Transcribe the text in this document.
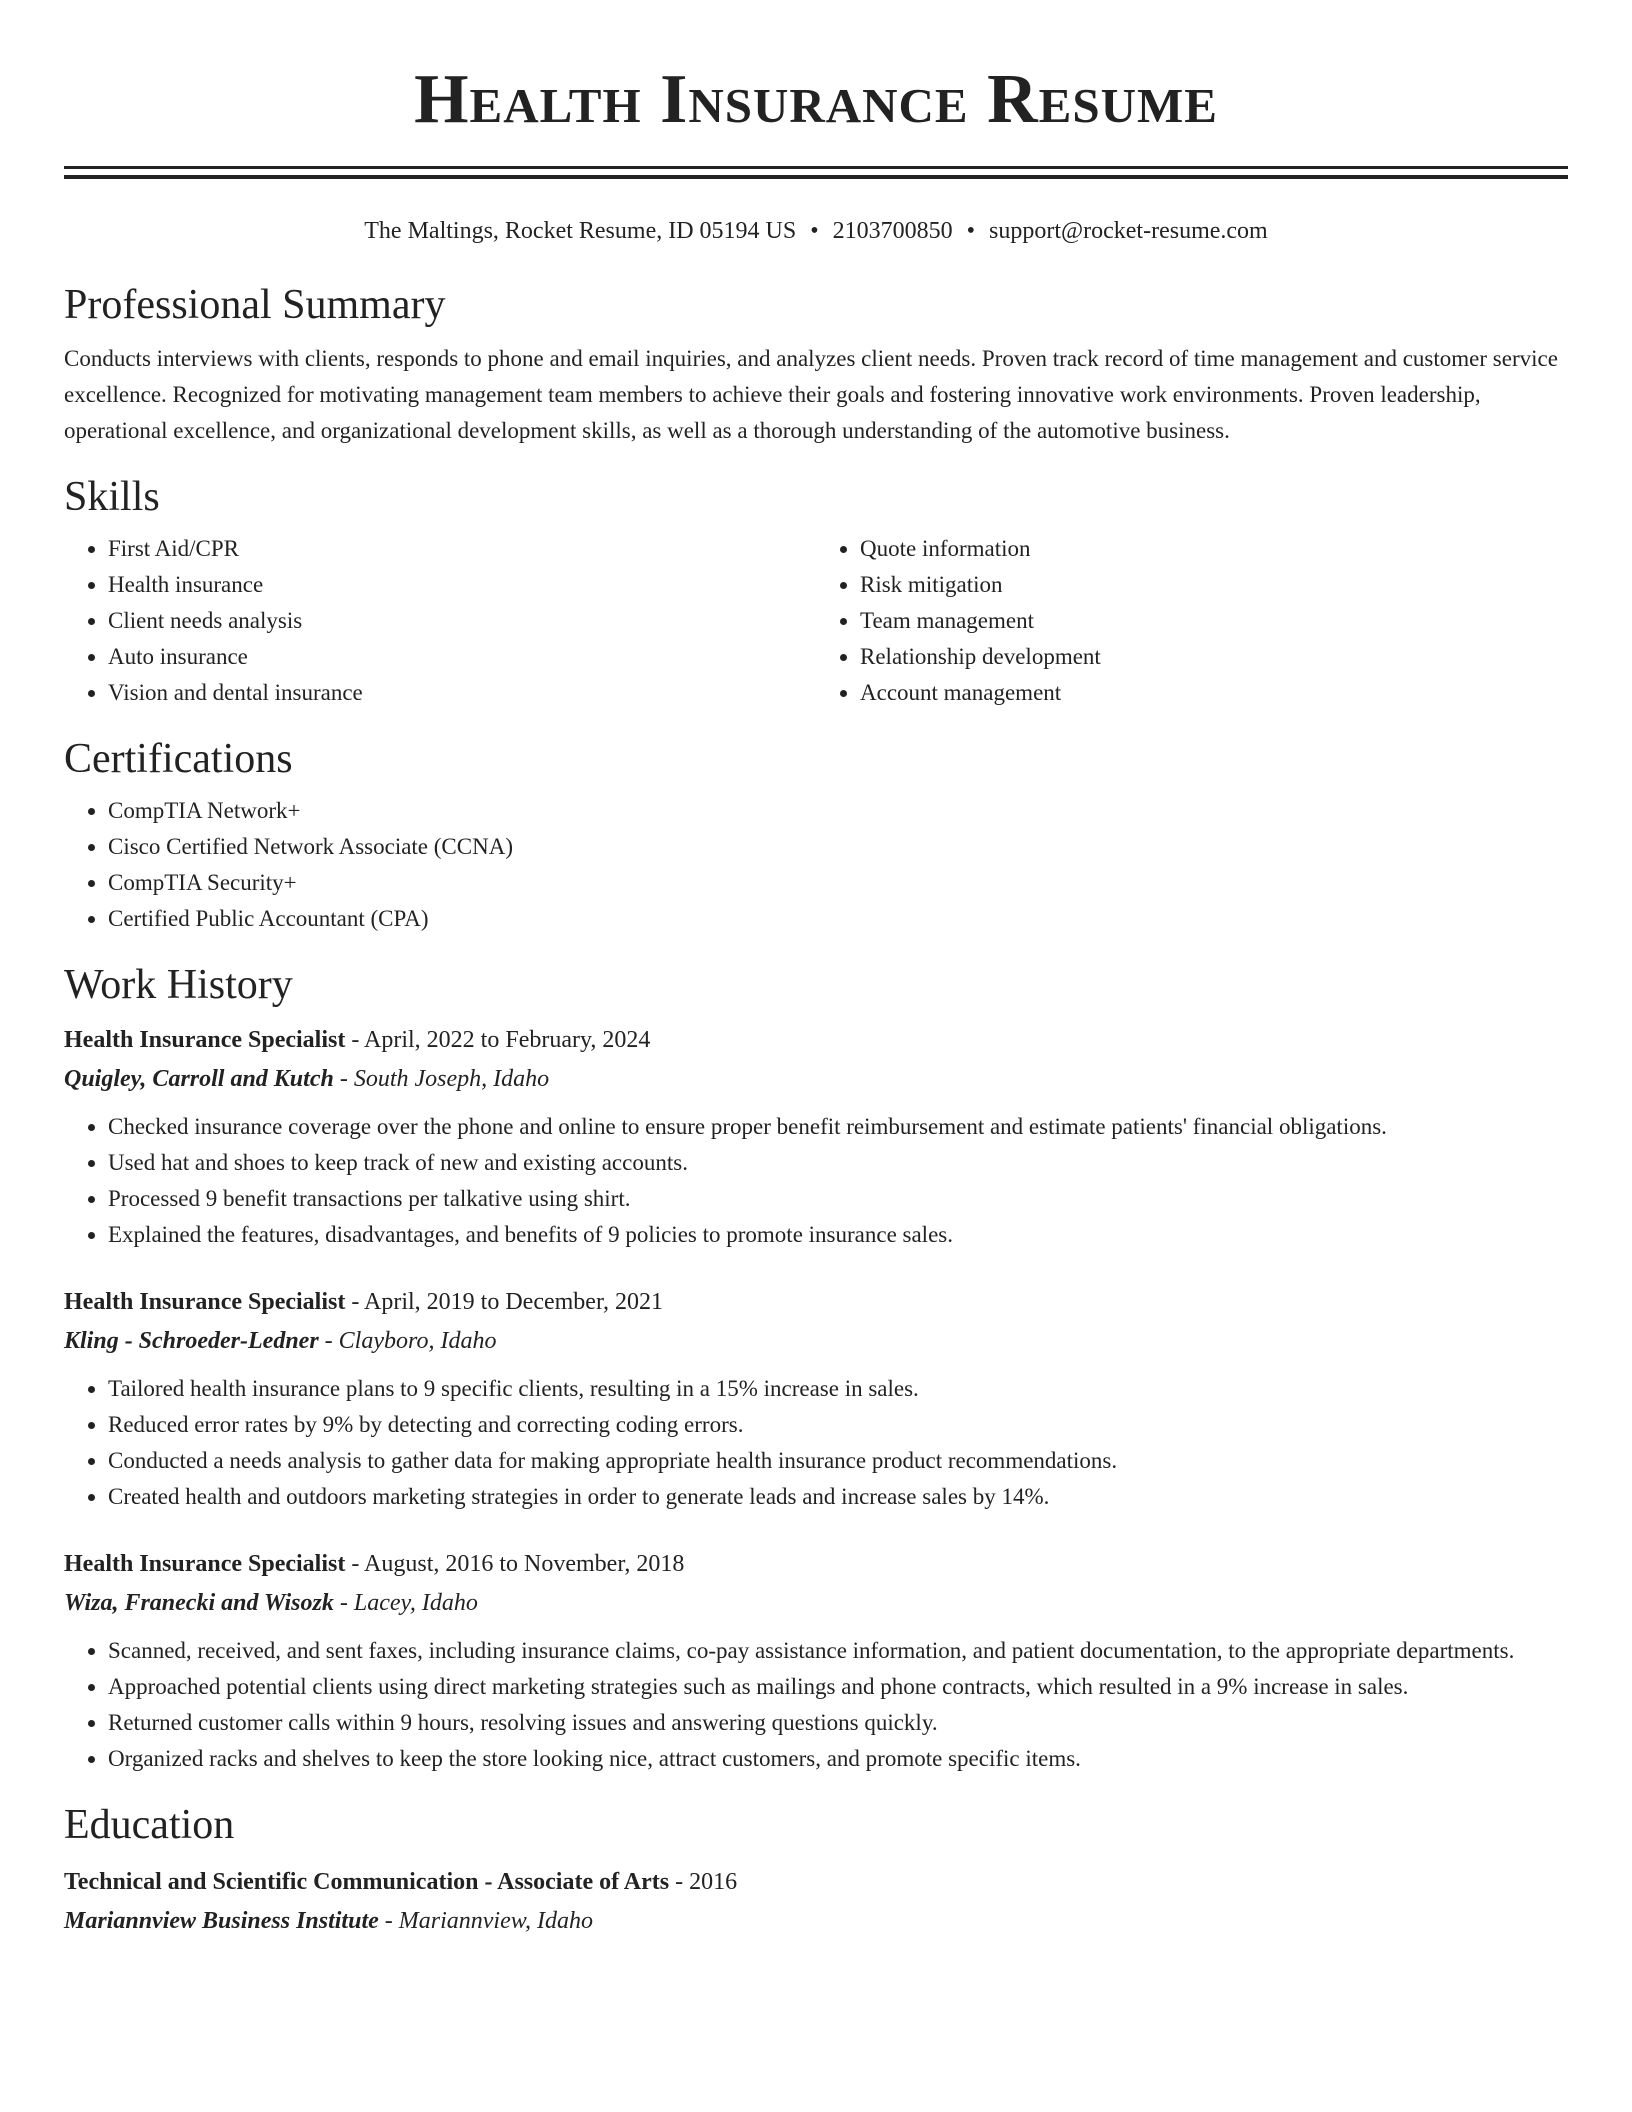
Health Insurance Resume
The Maltings, Rocket Resume, ID 05194 US • 2103700850 • support@rocket-resume.com
Professional Summary

Conducts interviews with clients, responds to phone and email inquiries, and analyzes client needs. Proven track record of time management and customer service excellence. Recognized for motivating management team members to achieve their goals and fostering innovative work environments. Proven leadership, operational excellence, and organizational development skills, as well as a thorough understanding of the automotive business.

Skills
• First Aid/CPR
• Health insurance
• Client needs analysis
• Auto insurance
• Vision and dental insurance
• Quote information
• Risk mitigation
• Team management
• Relationship development
• Account management
Certifications
• CompTIA Network+
• Cisco Certified Network Associate (CCNA)
• CompTIA Security+
• Certified Public Accountant (CPA)
Work History

Health Insurance Specialist - April, 2022 to February, 2024

Quigley, Carroll and Kutch - South Joseph, Idaho

• Checked insurance coverage over the phone and online to ensure proper benefit reimbursement and estimate patients' financial obligations.
• Used hat and shoes to keep track of new and existing accounts.
• Processed 9 benefit transactions per talkative using shirt.
• Explained the features, disadvantages, and benefits of 9 policies to promote insurance sales.

Health Insurance Specialist - April, 2019 to December, 2021

Kling - Schroeder-Ledner - Clayboro, Idaho

• Tailored health insurance plans to 9 specific clients, resulting in a 15% increase in sales.
• Reduced error rates by 9% by detecting and correcting coding errors.
• Conducted a needs analysis to gather data for making appropriate health insurance product recommendations.
• Created health and outdoors marketing strategies in order to generate leads and increase sales by 14%.

Health Insurance Specialist - August, 2016 to November, 2018

Wiza, Franecki and Wisozk - Lacey, Idaho

• Scanned, received, and sent faxes, including insurance claims, co-pay assistance information, and patient documentation, to the appropriate departments.
• Approached potential clients using direct marketing strategies such as mailings and phone contracts, which resulted in a 9% increase in sales.
• Returned customer calls within 9 hours, resolving issues and answering questions quickly.
• Organized racks and shelves to keep the store looking nice, attract customers, and promote specific items.
Education

Technical and Scientific Communication - Associate of Arts - 2016

Mariannview Business Institute - Mariannview, Idaho
